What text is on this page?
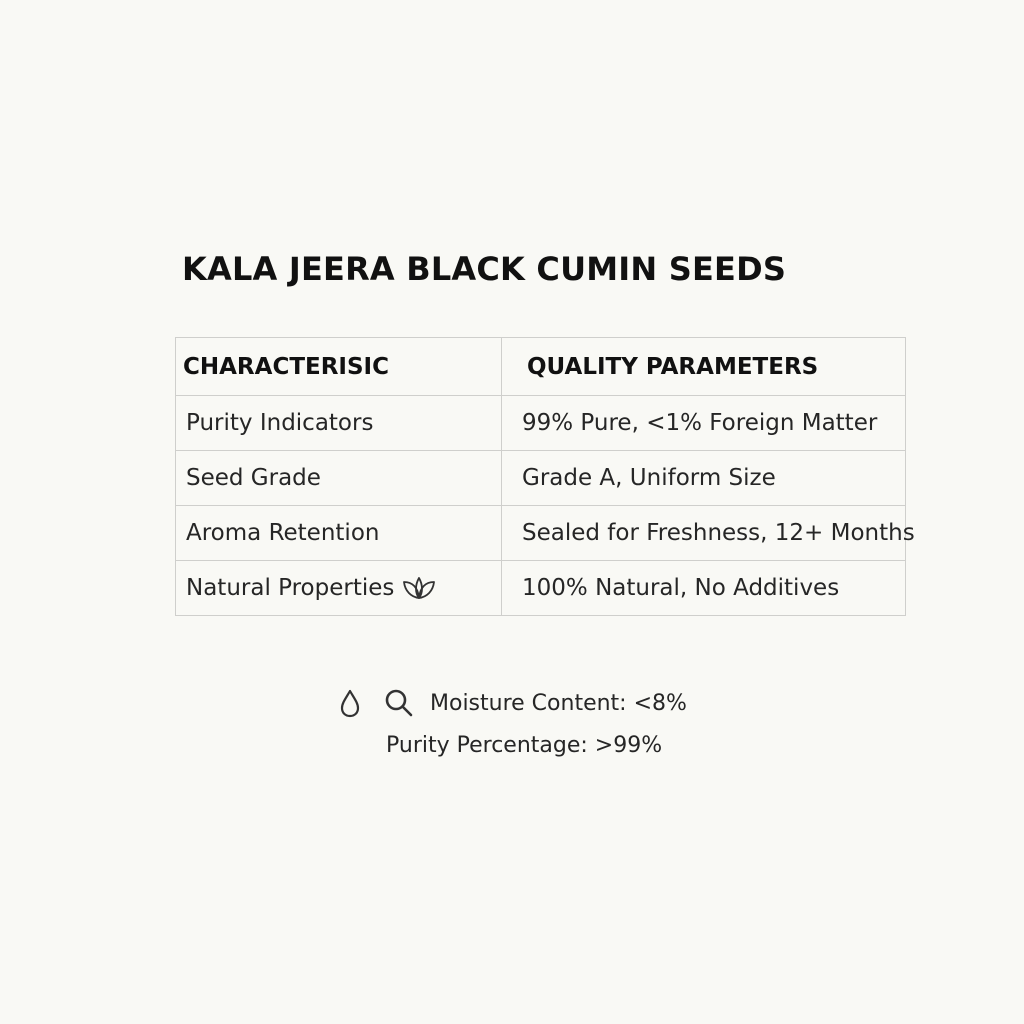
KALA JEERA BLACK CUMIN SEEDS
CHARACTERISIC	QUALITY PARAMETERS
Purity Indicators	99% Pure, <1% Foreign Matter
Seed Grade	Grade A, Uniform Size
Aroma Retention	Sealed for Freshness, 12+ Months
Natural Properties	100% Natural, No Additives
Moisture Content: <8%
Purity Percentage: >99%
